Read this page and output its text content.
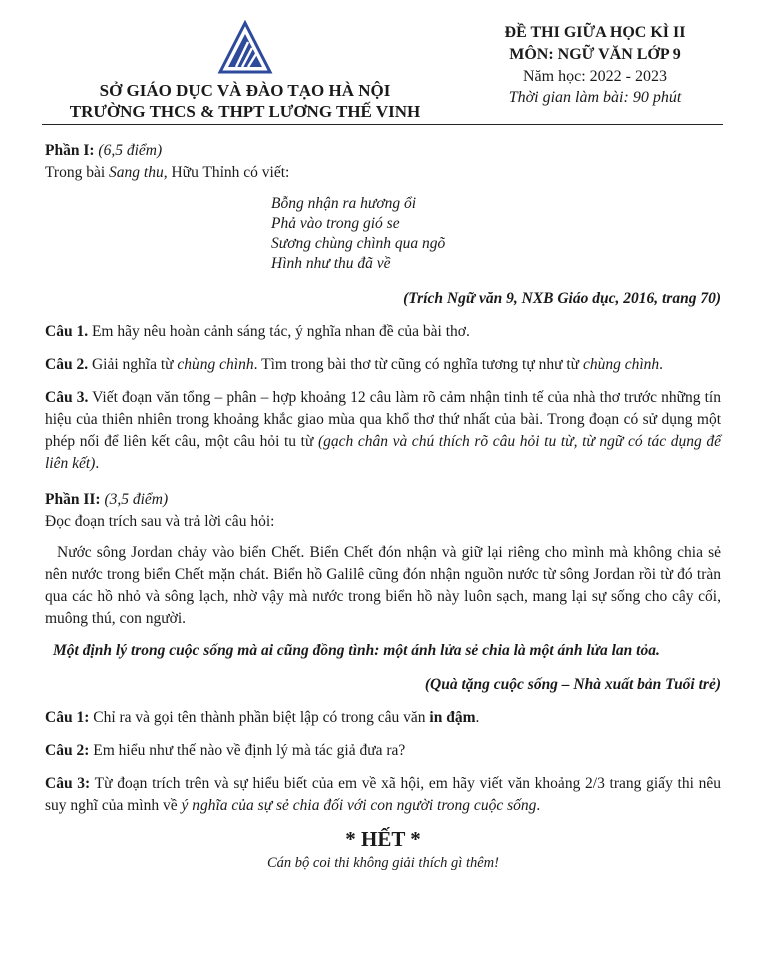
SỞ GIÁO DỤC VÀ ĐÀO TẠO HÀ NỘI
TRƯỜNG THCS & THPT LƯƠNG THẾ VINH
ĐỀ THI GIỮA HỌC KÌ II
MÔN: NGỮ VĂN LỚP 9
Năm học: 2022 - 2023
Thời gian làm bài: 90 phút
Phần I: (6,5 điểm)
Trong bài Sang thu, Hữu Thỉnh có viết:
Bỗng nhận ra hương ổi
Phả vào trong gió se
Sương chùng chình qua ngõ
Hình như thu đã về
(Trích Ngữ văn 9, NXB Giáo dục, 2016, trang 70)
Câu 1. Em hãy nêu hoàn cảnh sáng tác, ý nghĩa nhan đề của bài thơ.
Câu 2. Giải nghĩa từ chùng chình. Tìm trong bài thơ từ cũng có nghĩa tương tự như từ chùng chình.
Câu 3. Viết đoạn văn tổng – phân – hợp khoảng 12 câu làm rõ cảm nhận tinh tế của nhà thơ trước những tín hiệu của thiên nhiên trong khoảng khắc giao mùa qua khổ thơ thứ nhất của bài. Trong đoạn có sử dụng một phép nối để liên kết câu, một câu hỏi tu từ (gạch chân và chú thích rõ câu hỏi tu từ, từ ngữ có tác dụng để liên kết).
Phần II: (3,5 điểm)
Đọc đoạn trích sau và trả lời câu hỏi:
Nước sông Jordan chảy vào biển Chết. Biển Chết đón nhận và giữ lại riêng cho mình mà không chia sẻ nên nước trong biển Chết mặn chát. Biển hồ Galilê cũng đón nhận nguồn nước từ sông Jordan rồi từ đó tràn qua các hồ nhỏ và sông lạch, nhờ vậy mà nước trong biển hồ này luôn sạch, mang lại sự sống cho cây cối, muông thú, con người.
Một định lý trong cuộc sống mà ai cũng đồng tình: một ánh lửa sẻ chia là một ánh lửa lan tỏa.
(Quà tặng cuộc sống – Nhà xuất bản Tuổi trẻ)
Câu 1: Chỉ ra và gọi tên thành phần biệt lập có trong câu văn in đậm.
Câu 2: Em hiểu như thế nào về định lý mà tác giả đưa ra?
Câu 3: Từ đoạn trích trên và sự hiểu biết của em về xã hội, em hãy viết văn khoảng 2/3 trang giấy thi nêu suy nghĩ của mình về ý nghĩa của sự sẻ chia đối với con người trong cuộc sống.
* HẾT *
Cán bộ coi thi không giải thích gì thêm!
